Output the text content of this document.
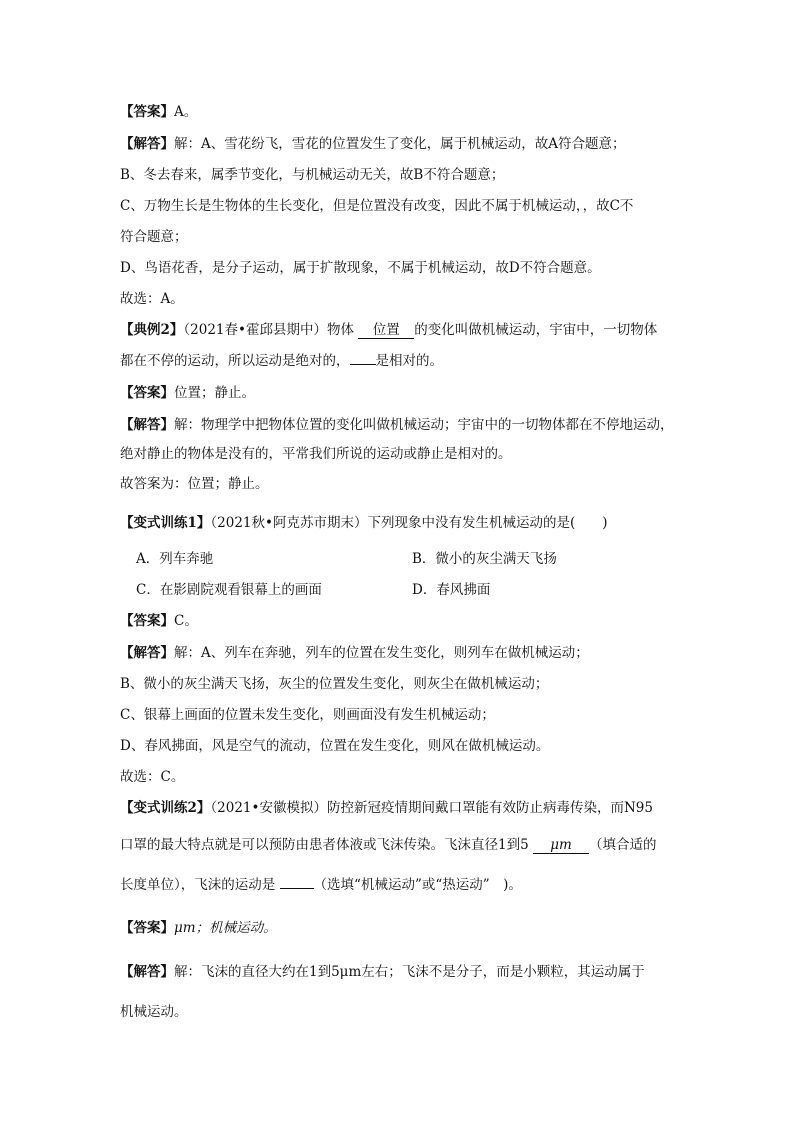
【答案】A。
【解答】解：A、雪花纷飞，雪花的位置发生了变化，属于机械运动，故A符合题意；
B、冬去春来，属季节变化，与机械运动无关，故B不符合题意；
C、万物生长是生物体的生长变化，但是位置没有改变，因此不属于机械运动，，故C不
符合题意；
D、鸟语花香，是分子运动，属于扩散现象，不属于机械运动，故D不符合题意。
故选：A。
【典例2】（2021春•霍邱县期中）物体 位置 的变化叫做机械运动，宇宙中，一切物体
都在不停的运动，所以运动是绝对的， 是相对的。
【答案】位置；静止。
【解答】解：物理学中把物体位置的变化叫做机械运动；宇宙中的一切物体都在不停地运动，
绝对静止的物体是没有的，平常我们所说的运动或静止是相对的。
故答案为：位置；静止。
【变式训练1】（2021秋•阿克苏市期末）下列现象中没有发生机械运动的是(　　)
A．列车奔驰	B．微小的灰尘满天飞扬
C．在影剧院观看银幕上的画面	D．春风拂面
【答案】C。
【解答】解：A、列车在奔驰，列车的位置在发生变化，则列车在做机械运动；
B、微小的灰尘满天飞扬，灰尘的位置发生变化，则灰尘在做机械运动；
C、银幕上画面的位置未发生变化，则画面没有发生机械运动；
D、春风拂面，风是空气的流动，位置在发生变化，则风在做机械运动。
故选：C。
【变式训练2】（2021•安徽模拟）防控新冠疫情期间戴口罩能有效防止病毒传染，而N95
口罩的最大特点就是可以预防由患者体液或飞沫传染。飞沫直径1到5 μm （填合适的
长度单位），飞沫的运动是	（选填“机械运动”或“热运动”　)。
【答案】μm；机械运动。
【解答】解：飞沫的直径大约在1到5μm左右；飞沫不是分子，而是小颗粒，其运动属于
机械运动。
